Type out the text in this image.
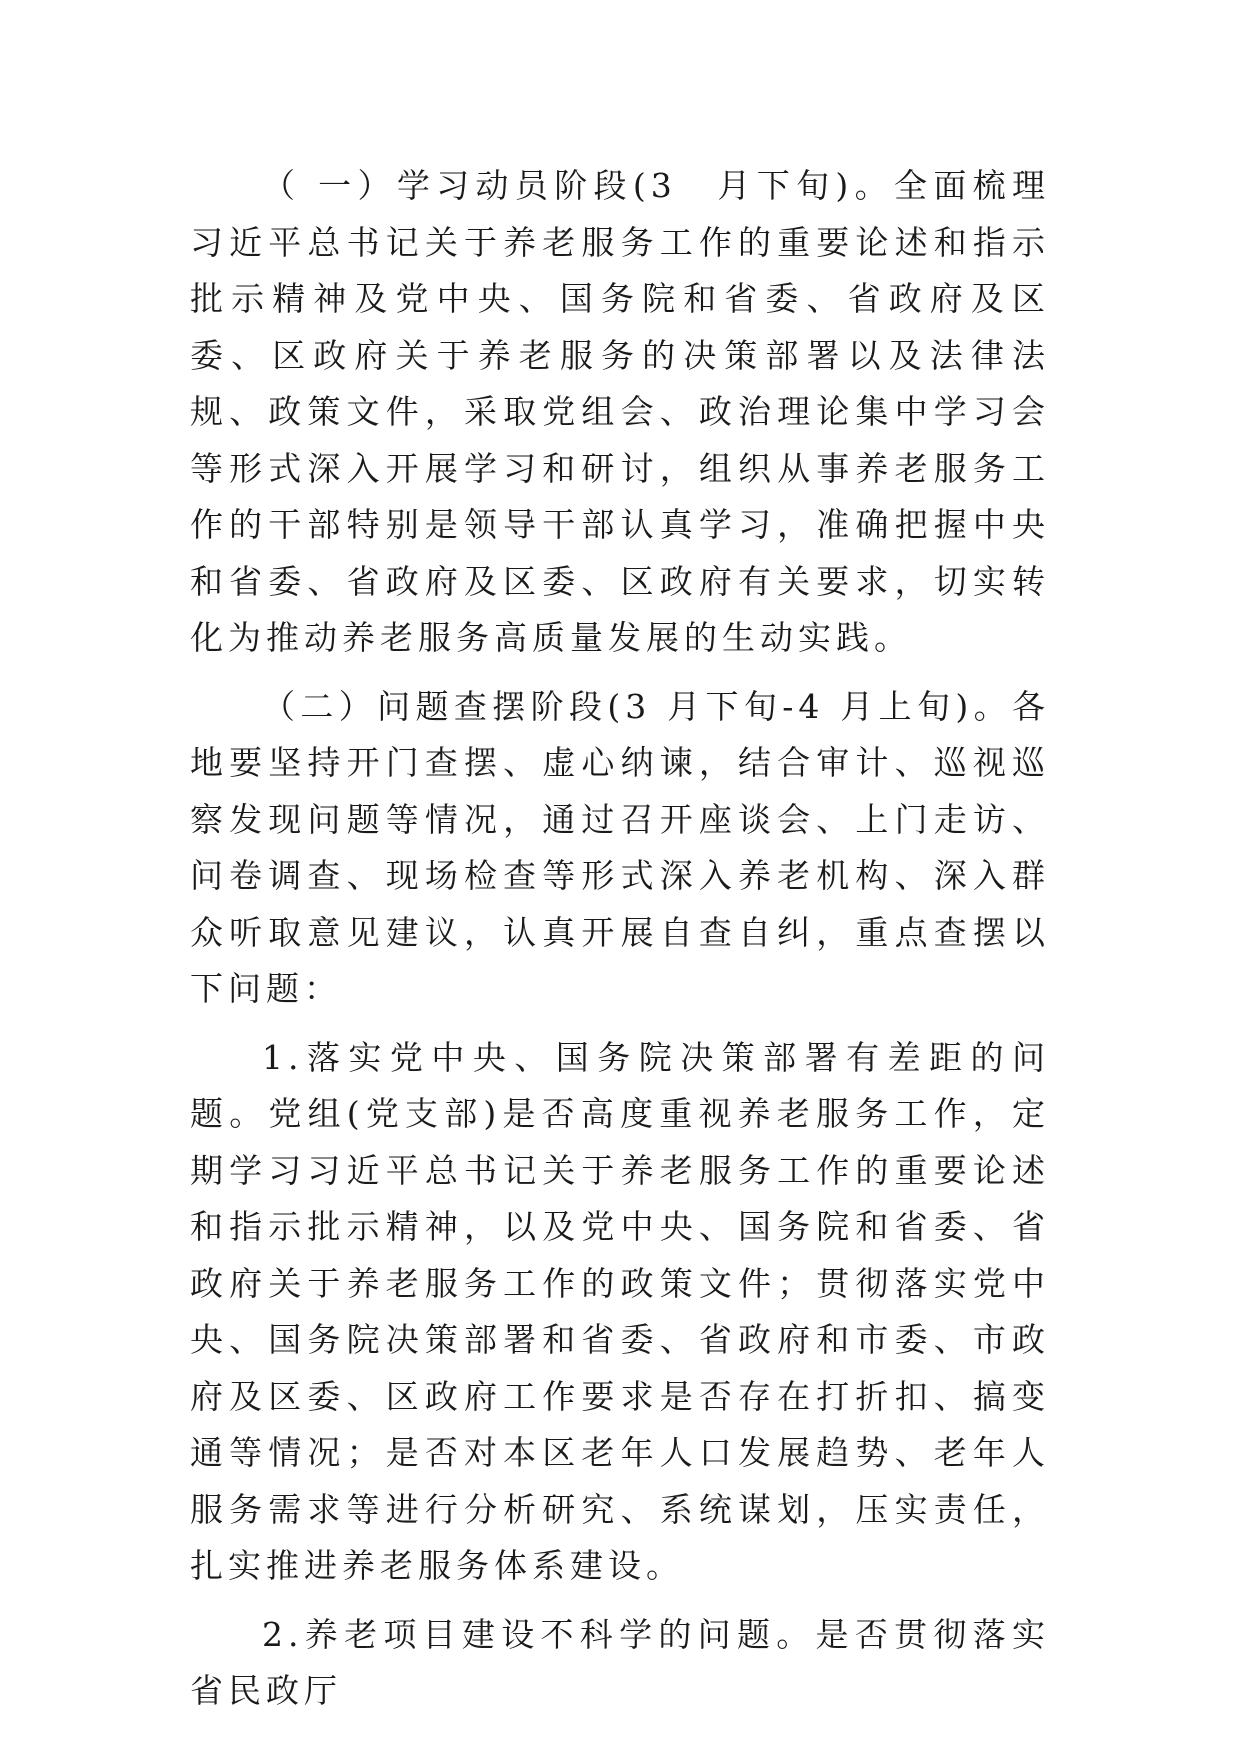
（ 一）学习动员阶段(3　月下旬)。全面梳理习近平总书记关于养老服务工作的重要论述和指示批示精神及党中央、国务院和省委、省政府及区委、区政府关于养老服务的决策部署以及法律法规、政策文件，采取党组会、政治理论集中学习会等形式深入开展学习和研讨，组织从事养老服务工作的干部特别是领导干部认真学习，准确把握中央和省委、省政府及区委、区政府有关要求，切实转化为推动养老服务高质量发展的生动实践。

（二）问题查摆阶段(3 月下旬-4 月上旬)。各地要坚持开门查摆、虚心纳谏，结合审计、巡视巡察发现问题等情况，通过召开座谈会、上门走访、问卷调查、现场检查等形式深入养老机构、深入群众听取意见建议，认真开展自查自纠，重点查摆以下问题：

1.落实党中央、国务院决策部署有差距的问题。党组(党支部)是否高度重视养老服务工作，定期学习习近平总书记关于养老服务工作的重要论述和指示批示精神，以及党中央、国务院和省委、省政府关于养老服务工作的政策文件；贯彻落实党中央、国务院决策部署和省委、省政府和市委、市政府及区委、区政府工作要求是否存在打折扣、搞变通等情况；是否对本区老年人口发展趋势、老年人服务需求等进行分析研究、系统谋划，压实责任，扎实推进养老服务体系建设。

2.养老项目建设不科学的问题。是否贯彻落实省民政厅
